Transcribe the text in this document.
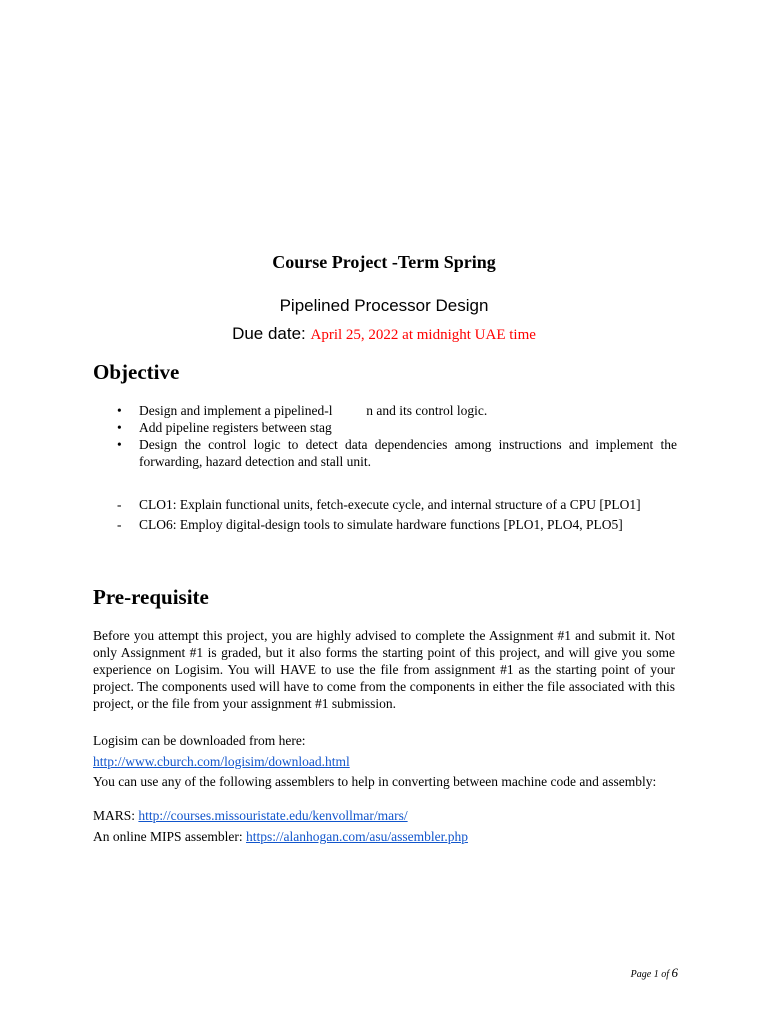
Course Project -Term Spring
Pipelined Processor Design
Due date: April 25, 2022 at midnight UAE time
Objective
• Design and implement a pipelined-l          n and its control logic.
• Add pipeline registers between stag
• Design the control logic to detect data dependencies among instructions and implement the forwarding, hazard detection and stall unit.
- CLO1: Explain functional units, fetch-execute cycle, and internal structure of a CPU [PLO1]
- CLO6: Employ digital-design tools to simulate hardware functions [PLO1, PLO4, PLO5]
Pre-requisite

Before you attempt this project, you are highly advised to complete the Assignment #1 and submit it. Not only Assignment #1 is graded, but it also forms the starting point of this project, and will give you some experience on Logisim. You will HAVE to use the file from assignment #1 as the starting point of your project. The components used will have to come from the components in either the file associated with this project, or the file from your assignment #1 submission.

Logisim can be downloaded from here:
http://www.cburch.com/logisim/download.html
You can use any of the following assemblers to help in converting between machine code and assembly:
MARS: http://courses.missouristate.edu/kenvollmar/mars/
An online MIPS assembler: https://alanhogan.com/asu/assembler.php
Page 1 of 6
